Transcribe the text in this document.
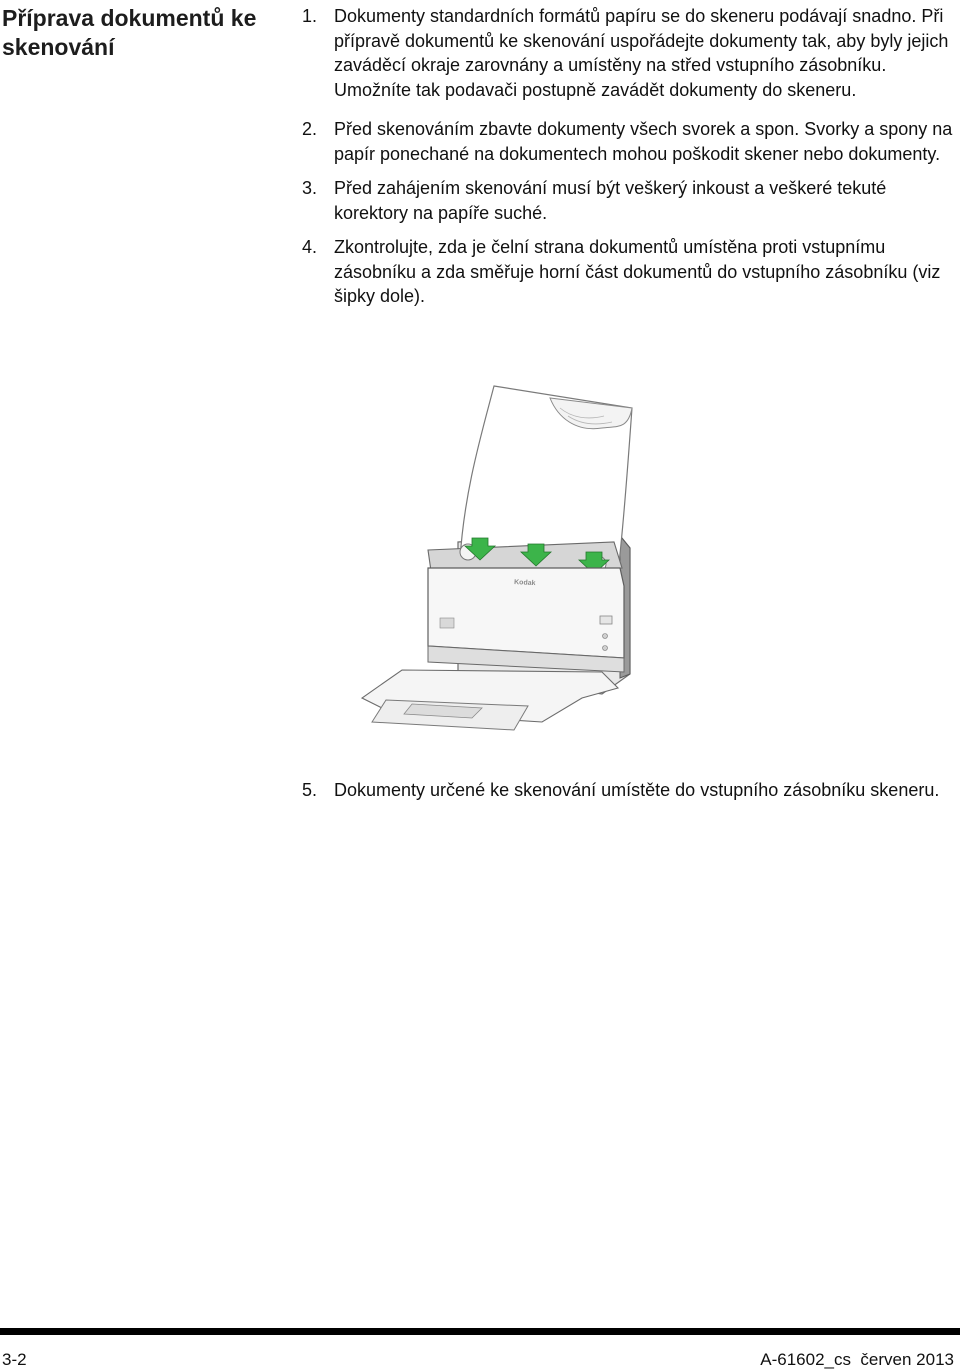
Příprava dokumentů ke skenování
1. Dokumenty standardních formátů papíru se do skeneru podávají snadno. Při přípravě dokumentů ke skenování uspořádejte dokumenty tak, aby byly jejich zaváděcí okraje zarovnány a umístěny na střed vstupního zásobníku. Umožníte tak podavači postupně zavádět dokumenty do skeneru.
2. Před skenováním zbavte dokumenty všech svorek a spon. Svorky a spony na papír ponechané na dokumentech mohou poškodit skener nebo dokumenty.
3. Před zahájením skenování musí být veškerý inkoust a veškeré tekuté korektory na papíře suché.
4. Zkontrolujte, zda je čelní strana dokumentů umístěna proti vstupnímu zásobníku a zda směřuje horní část dokumentů do vstupního zásobníku (viz šipky dole).
Kodak
5. Dokumenty určené ke skenování umístěte do vstupního zásobníku skeneru.
3-2	A-61602_cs  červen 2013
